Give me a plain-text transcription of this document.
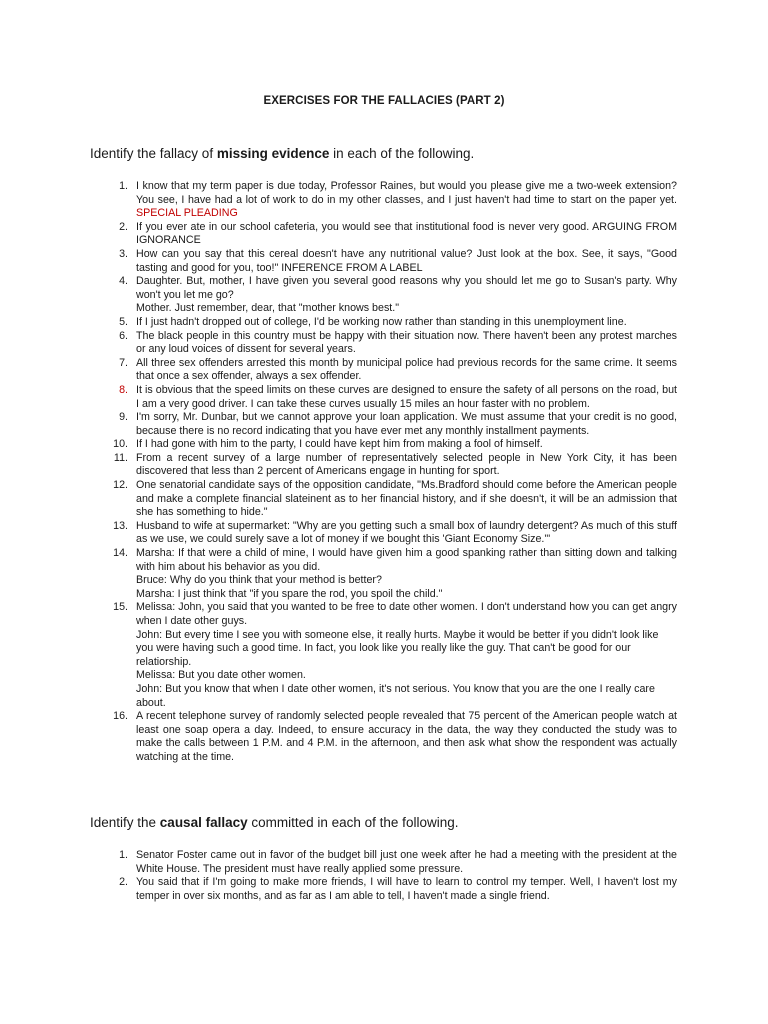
EXERCISES FOR THE FALLACIES (PART 2)
Identify the fallacy of missing evidence in each of the following.
1. I know that my term paper is due today, Professor Raines, but would you please give me a two-week extension? You see, I have had a lot of work to do in my other classes, and I just haven't had time to start on the paper yet. SPECIAL PLEADING
2. If you ever ate in our school cafeteria, you would see that institutional food is never very good. ARGUING FROM IGNORANCE
3. How can you say that this cereal doesn't have any nutritional value? Just look at the box. See, it says, "Good tasting and good for you, too!" INFERENCE FROM A LABEL
4. Daughter. But, mother, I have given you several good reasons why you should let me go to Susan's party. Why won't you let me go?
Mother. Just remember, dear, that "mother knows best."
5. If I just hadn't dropped out of college, I'd be working now rather than standing in this unemployment line.
6. The black people in this country must be happy with their situation now. There haven't been any protest marches or any loud voices of dissent for several years.
7. All three sex offenders arrested this month by municipal police had previous records for the same crime. It seems that once a sex offender, always a sex offender.
8. It is obvious that the speed limits on these curves are designed to ensure the safety of all persons on the road, but I am a very good driver. I can take these curves usually 15 miles an hour faster with no problem.
9. I'm sorry, Mr. Dunbar, but we cannot approve your loan application. We must assume that your credit is no good, because there is no record indicating that you have ever met any monthly installment payments.
10. If I had gone with him to the party, I could have kept him from making a fool of himself.
11. From a recent survey of a large number of representatively selected people in New York City, it has been discovered that less than 2 percent of Americans engage in hunting for sport.
12. One senatorial candidate says of the opposition candidate, "Ms.Bradford should come before the American people and make a complete financial slateinent as to her financial history, and if she doesn't, it will be an admission that she has something to hide."
13. Husband to wife at supermarket: "Why are you getting such a small box of laundry detergent? As much of this stuff as we use, we could surely save a lot of money if we bought this 'Giant Economy Size.'"
14. Marsha: If that were a child of mine, I would have given him a good spanking rather than sitting down and talking with him about his behavior as you did.
Bruce: Why do you think that your method is better?
Marsha: I just think that "if you spare the rod, you spoil the child."
15. Melissa: John, you said that you wanted to be free to date other women. I don't understand how you can get angry when I date other guys.
John: But every time I see you with someone else, it really hurts. Maybe it would be better if you didn't look like you were having such a good time. In fact, you look like you really like the guy. That can't be good for our relatiorship.
Melissa: But you date other women.
John: But you know that when I date other women, it's not serious. You know that you are the one I really care about.
16. A recent telephone survey of randomly selected people revealed that 75 percent of the American people watch at least one soap opera a day. Indeed, to ensure accuracy in the data, the way they conducted the study was to make the calls between 1 P.M. and 4 P.M. in the afternoon, and then ask what show the respondent was actually watching at the time.
Identify the causal fallacy committed in each of the following.
1. Senator Foster came out in favor of the budget bill just one week after he had a meeting with the president at the White House. The president must have really applied some pressure.
2. You said that if I'm going to make more friends, I will have to learn to control my temper. Well, I haven't lost my temper in over six months, and as far as I am able to tell, I haven't made a single friend.
